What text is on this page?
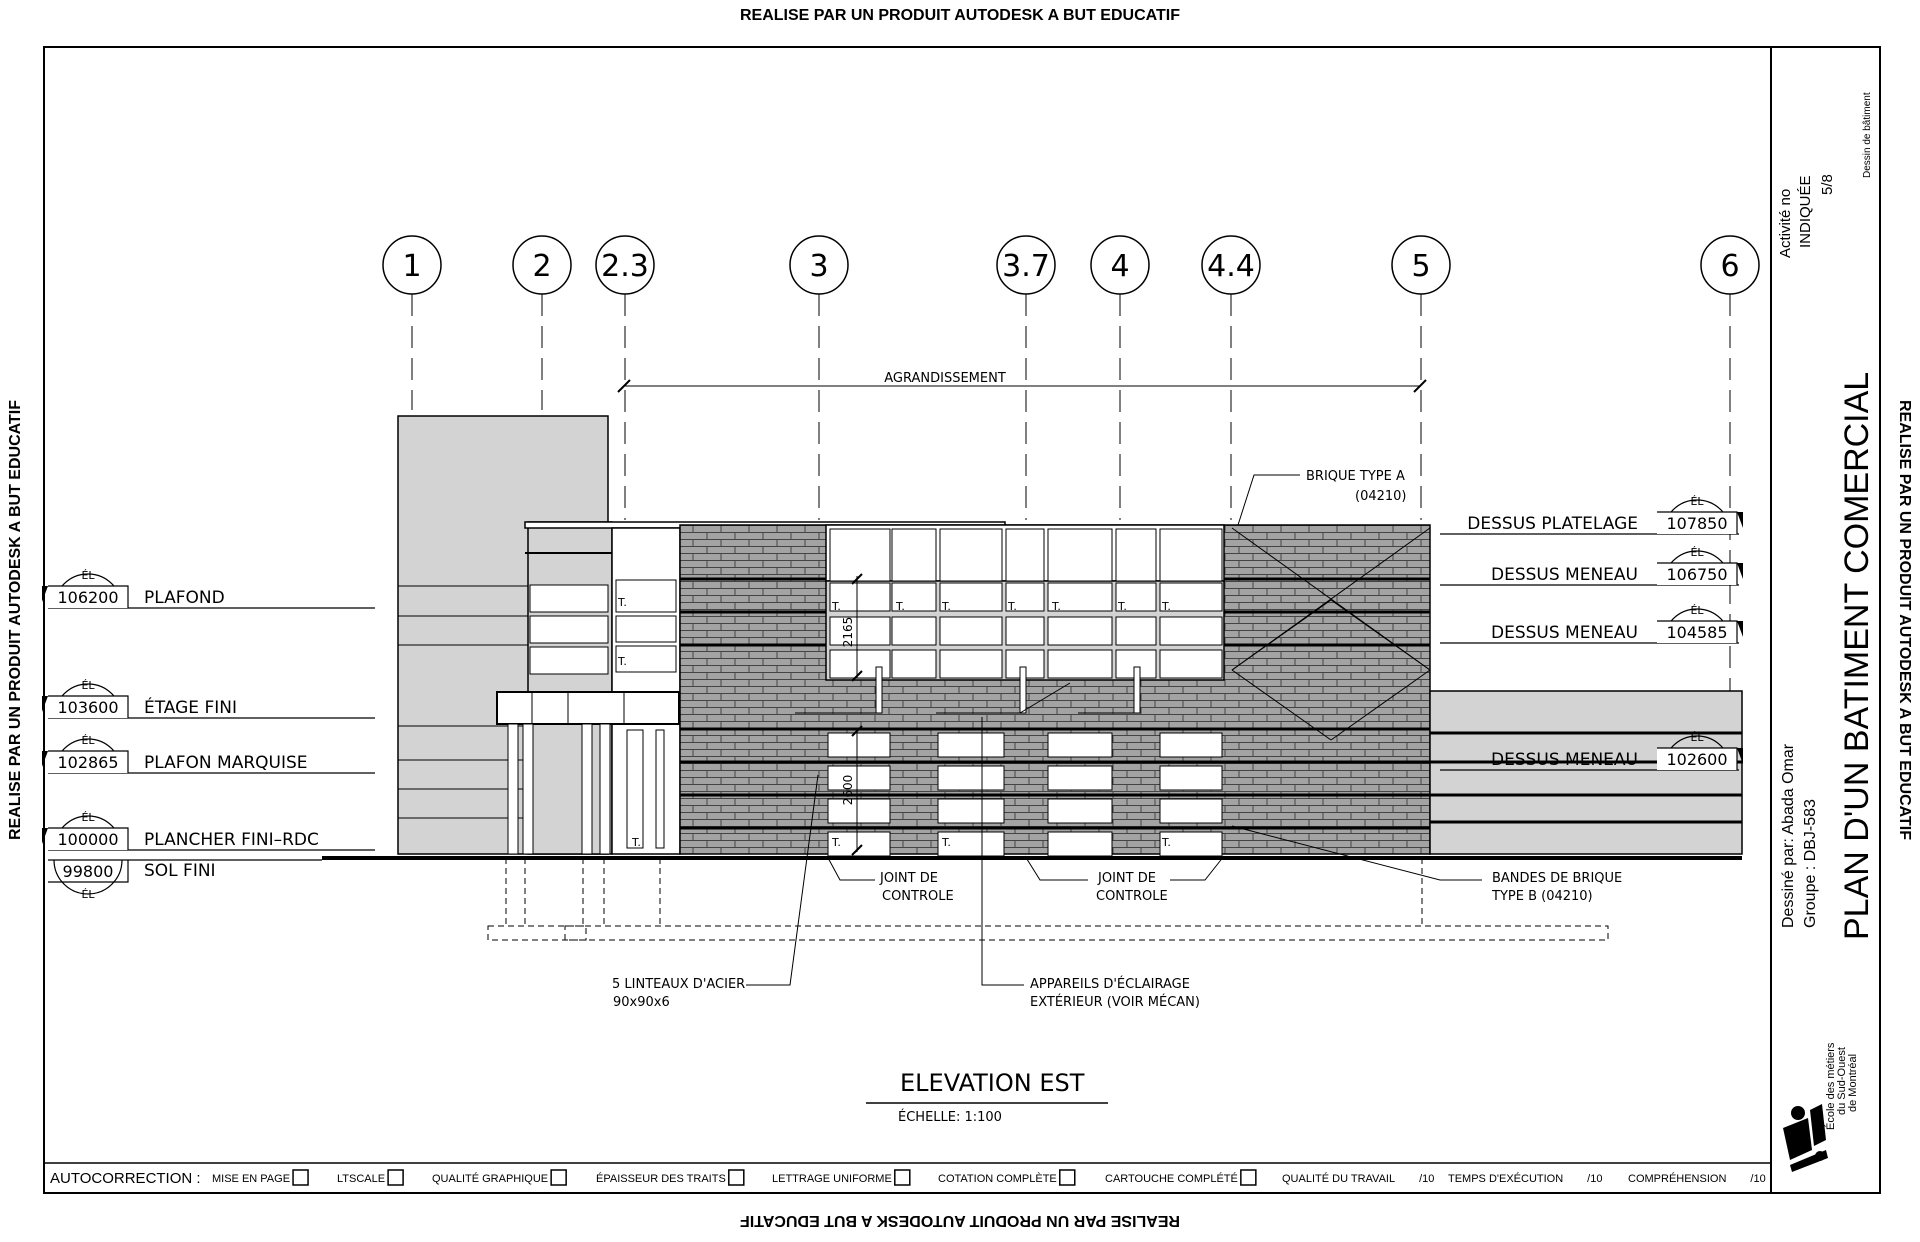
REALISE PAR UN PRODUIT AUTODESK A BUT EDUCATIF
REALISE PAR UN PRODUIT AUTODESK A BUT EDUCATIF
REALISE PAR UN PRODUIT AUTODESK A BUT EDUCATIF	REALISE PAR UN PRODUIT AUTODESK A BUT EDUCATIF
1	2 2.3	3	3.7 4	4.4	5	6
AGRANDISSEMENT
T.
T.
T.	T.	T.	T.	T.	T.	T.
T.	T.	T.	T.
2165
2600
ÉL
106200 PLAFOND
ÉL
103600 ÉTAGE FINI
ÉL
102865 PLAFON MARQUISE
ÉL
100000 PLANCHER FINI–RDC
99800
ÉL
SOL FINI
ÉL
107850
DESSUS PLATELAGE
ÉL
106750
DESSUS MENEAU
ÉL
104585
DESSUS MENEAU
ÉL
102600
DESSUS MENEAU
BRIQUE TYPE A
(04210)
JOINT DE
CONTROLE
JOINT DE
CONTROLE
BANDES DE BRIQUE
TYPE B (04210)
5 LINTEAUX D'ACIER
90x90x6
APPAREILS D'ÉCLAIRAGE
EXTÉRIEUR (VOIR MÉCAN)
ELEVATION EST
ÉCHELLE: 1:100
AUTOCORRECTION : MISE EN PAGE	LTSCALE	QUALITÉ GRAPHIQUE	ÉPAISSEUR DES TRAITS	LETTRAGE UNIFORME	COTATION COMPLÈTE	CARTOUCHE COMPLÉTÉ	QUALITÉ DU TRAVAIL /10 TEMPS D'EXÉCUTION /10 COMPRÉHENSION /10
Activité no INDIQUÉE 5/8
Dessin de bâtiment
PLAN D'UN BATIMENT COMERCIAL
Dessiné par: Abada Omar Groupe : DBJ-583
École des métiers du Sud-Ouest de Montréal
